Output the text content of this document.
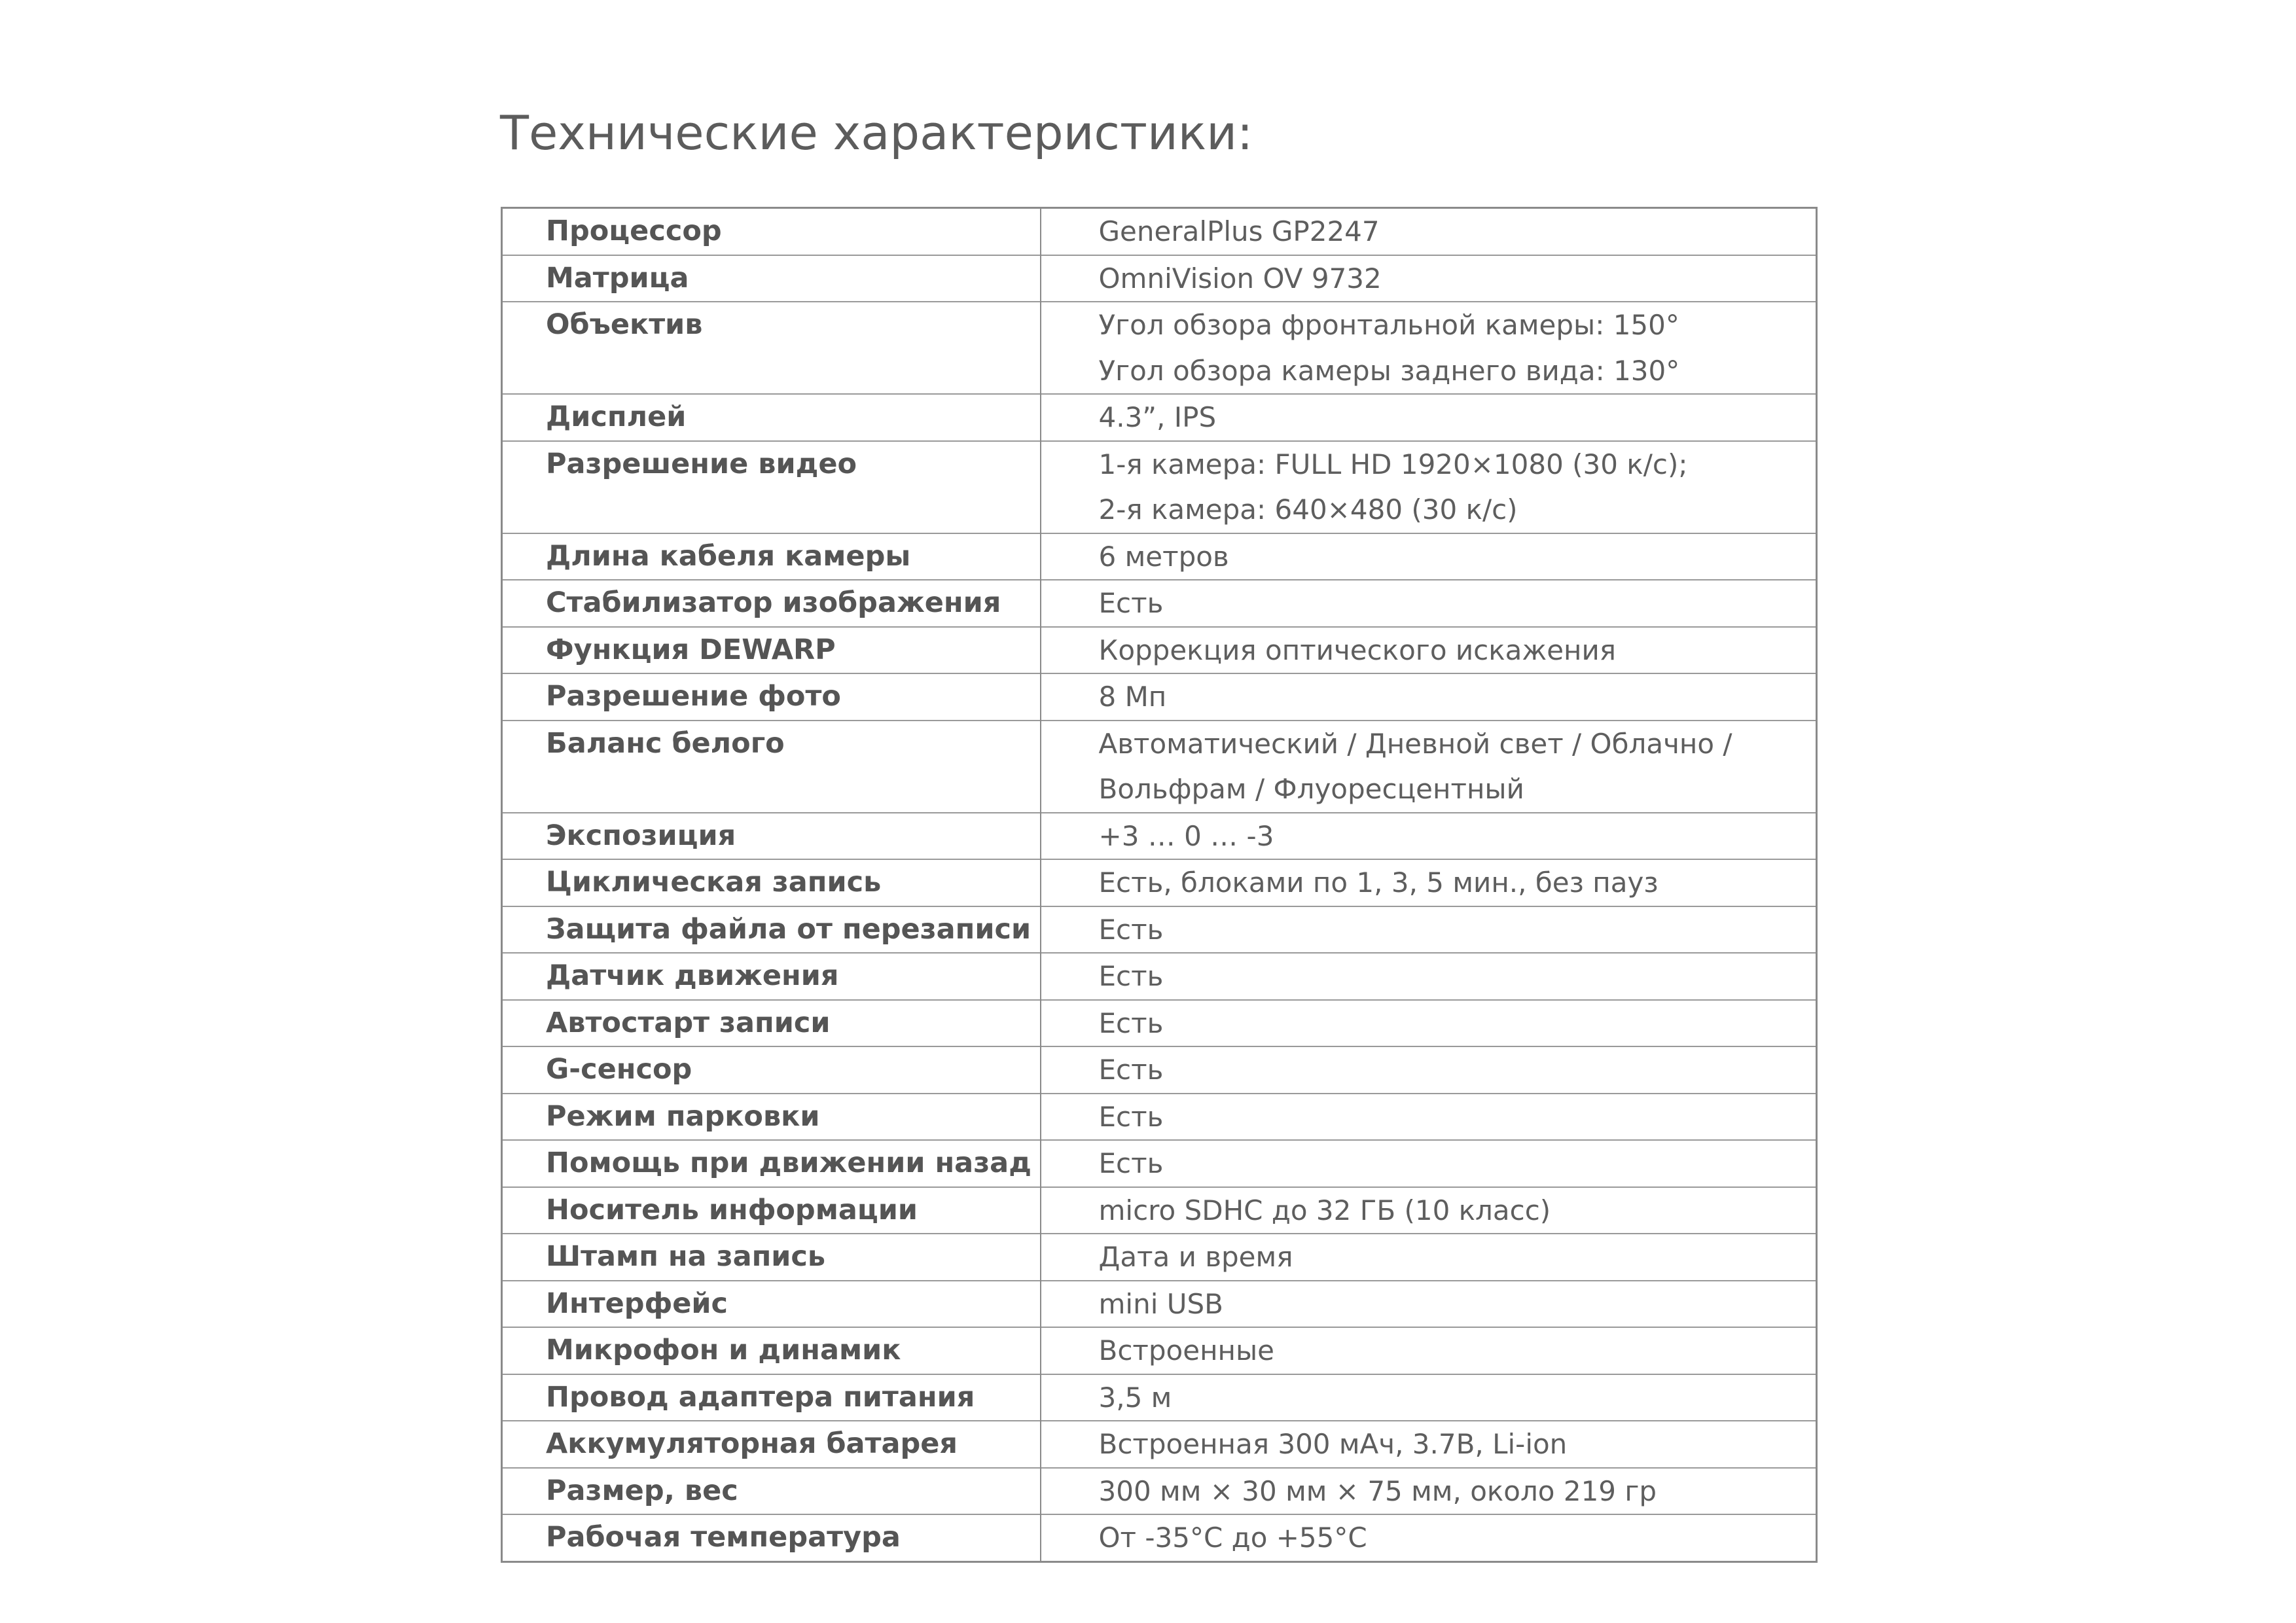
Технические характеристики:
Процессор	GeneralPlus GP2247

Матрица	OmniVision OV 9732

Объектив	Угол обзора фронтальной камеры: 150°
Угол обзора камеры заднего вида: 130°

Дисплей	4.3”, IPS

Разрешение видео	1-я камера: FULL HD 1920×1080 (30 к/с);
2-я камера: 640×480 (30 к/с)

Длина кабеля камеры	6 метров

Стабилизатор изображения	Есть

Функция DEWARP	Коррекция оптического искажения

Разрешение фото	8 Мп

Баланс белого	Автоматический / Дневной свет / Облачно /
Вольфрам / Флуоресцентный

Экспозиция	+3 … 0 … -3

Циклическая запись	Есть, блоками по 1, 3, 5 мин., без пауз

Защита файла от перезаписи	Есть

Датчик движения	Есть

Автостарт записи	Есть

G-сенсор	Есть

Режим парковки	Есть

Помощь при движении назад	Есть

Носитель информации	micro SDHC до 32 ГБ (10 класс)

Штамп на запись	Дата и время

Интерфейс	mini USB

Микрофон и динамик	Встроенные

Провод адаптера питания	3,5 м

Аккумуляторная батарея	Встроенная 300 мАч, 3.7В, Li-ion

Размер, вес	300 мм × 30 мм × 75 мм, около 219 гр

Рабочая температура	От -35°C до +55°C
